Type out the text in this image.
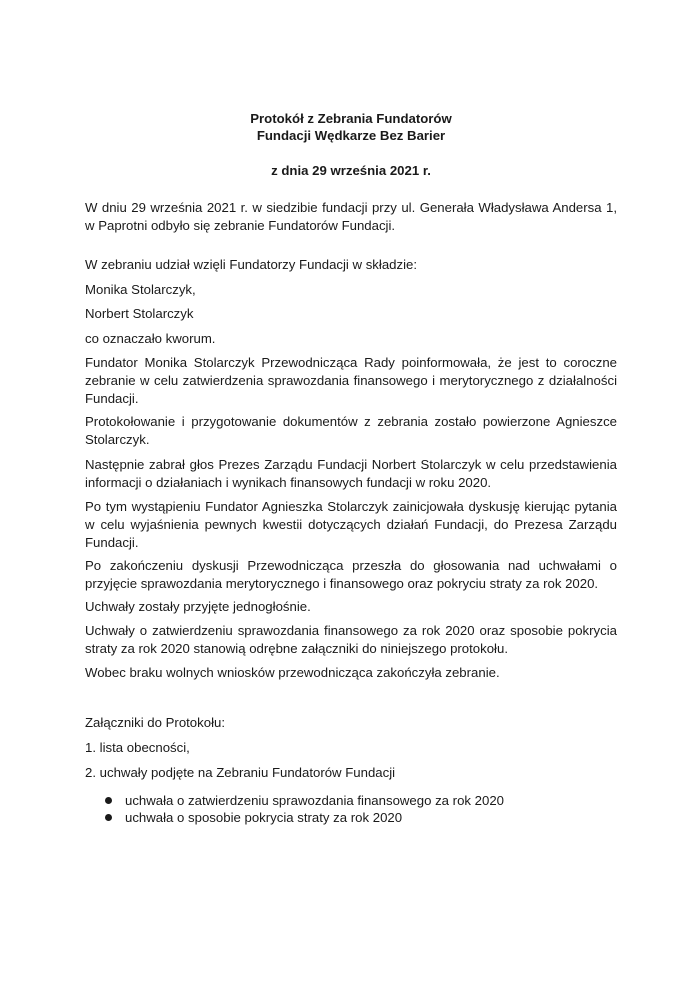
Protokół z Zebrania Fundatorów
Fundacji Wędkarze Bez Barier
z dnia 29 września 2021 r.

W dniu 29 września 2021 r. w siedzibie fundacji przy ul. Generała Władysława Andersa 1, w Paprotni odbyło się zebranie Fundatorów Fundacji.

W zebraniu udział wzięli Fundatorzy Fundacji w składzie:

Monika Stolarczyk,

Norbert Stolarczyk

co oznaczało kworum.

Fundator Monika Stolarczyk Przewodnicząca Rady poinformowała, że jest to coroczne zebranie w celu zatwierdzenia sprawozdania finansowego i merytorycznego z działalności Fundacji.

Protokołowanie i przygotowanie dokumentów z zebrania zostało powierzone Agnieszce Stolarczyk.

Następnie zabrał głos Prezes Zarządu Fundacji Norbert Stolarczyk w celu przedstawienia informacji o działaniach i wynikach finansowych fundacji w roku 2020.

Po tym wystąpieniu Fundator Agnieszka Stolarczyk zainicjowała dyskusję kierując pytania w celu wyjaśnienia pewnych kwestii dotyczących działań Fundacji, do Prezesa Zarządu Fundacji.

Po zakończeniu dyskusji Przewodnicząca przeszła do głosowania nad uchwałami o przyjęcie sprawozdania merytorycznego i finansowego oraz pokryciu straty za rok 2020.

Uchwały zostały przyjęte jednogłośnie.

Uchwały o zatwierdzeniu sprawozdania finansowego za rok 2020 oraz sposobie pokrycia straty za rok 2020 stanowią odrębne załączniki do niniejszego protokołu.

Wobec braku wolnych wniosków przewodnicząca zakończyła zebranie.

Załączniki do Protokołu:

1. lista obecności,

2. uchwały podjęte na Zebraniu Fundatorów Fundacji

uchwała o zatwierdzeniu sprawozdania finansowego za rok 2020
uchwała o sposobie pokrycia straty za rok 2020
